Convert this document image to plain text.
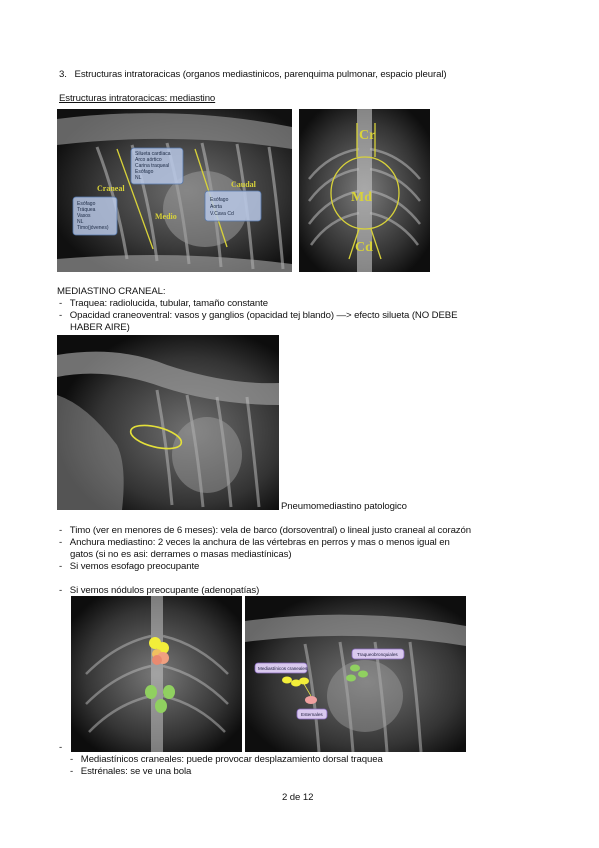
3. Estructuras intratoracicas (organos mediastinicos, parenquima pulmonar, espacio pleural)
Estructuras intratoracicas: mediastino
Craneal
Medio
Caudal
Silueta cardiaca
Arco aórtico
Carina traqueal
Esófago
NL
Esófago
Tráquea
Vasos
NL
Timo(jóvenes)
Esófago
Aorta
V.Cava Cd
Cr
Md
Cd
MEDIASTINO CRANEAL:
-   Traquea: radiolucida, tubular, tamaño constante
-   Opacidad craneoventral: vasos y ganglios (opacidad tej blando) —> efecto silueta (NO DEBE
HABER AIRE)
Pneumomediastino patologico
-   Timo (ver en menores de 6 meses): vela de barco (dorsoventral) o lineal justo craneal al corazón
-   Anchura mediastino: 2 veces la anchura de las vértebras en perros y mas o menos igual en
gatos (si no es asi: derrames o masas mediastínicas)
-   Si vemos esofago preocupante
-   Si vemos nódulos preocupante (adenopatías)
Mediastínicos craneales
Traqueobronquiales
Esternales
-
-   Mediastínicos craneales: puede provocar desplazamiento dorsal traquea
-   Estrénales: se ve una bola
2 de 12
